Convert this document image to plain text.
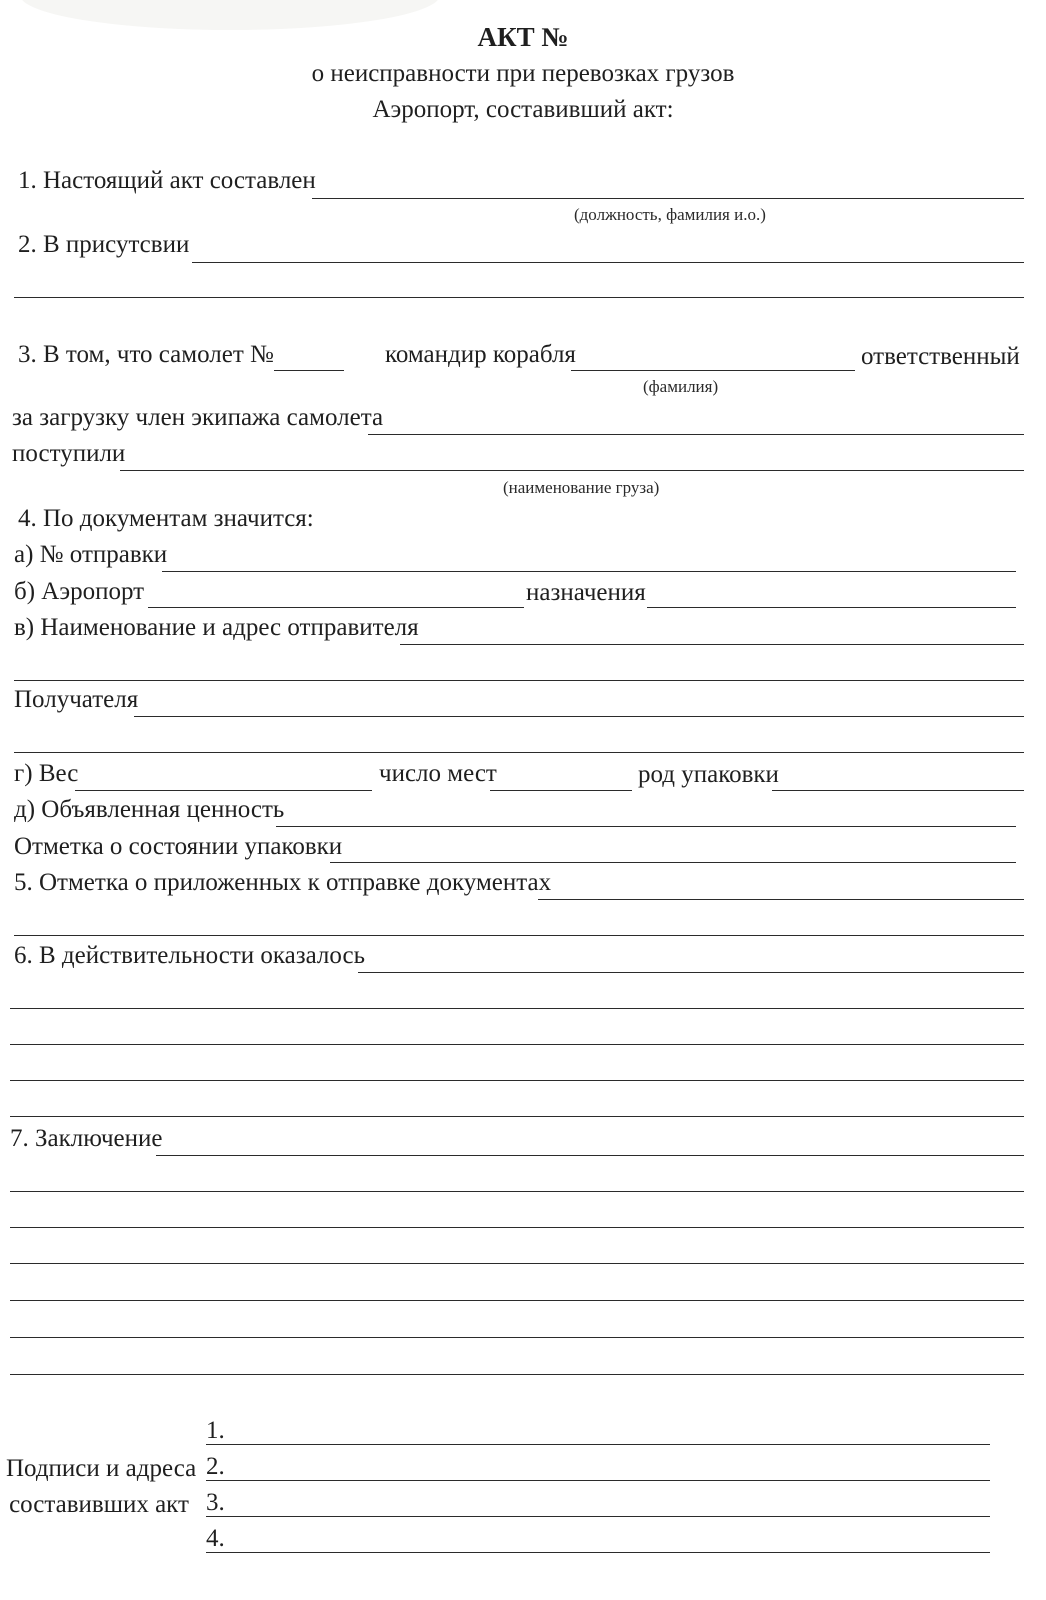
АКТ №
о неисправности при перевозках грузов
Аэропорт, составивший акт:
1. Настоящий акт составлен
(должность, фамилия и.о.)
2. В присутсвии
3. В том, что самолет №	командир корабля	ответственный
(фамилия)
за загрузку член экипажа самолета
поступили
(наименование груза)
4. По документам значится:
а) № отправки
б) Аэропорт	назначения
в) Наименование и адрес отправителя
Получателя
г) Вес	число мест	род упаковки
д) Объявленная ценность
Отметка о состоянии упаковки
5. Отметка о приложенных к отправке документах
6. В действительности оказалось
7. Заключение
Подписи и адреса
составивших акт
1.
2.
3.
4.
